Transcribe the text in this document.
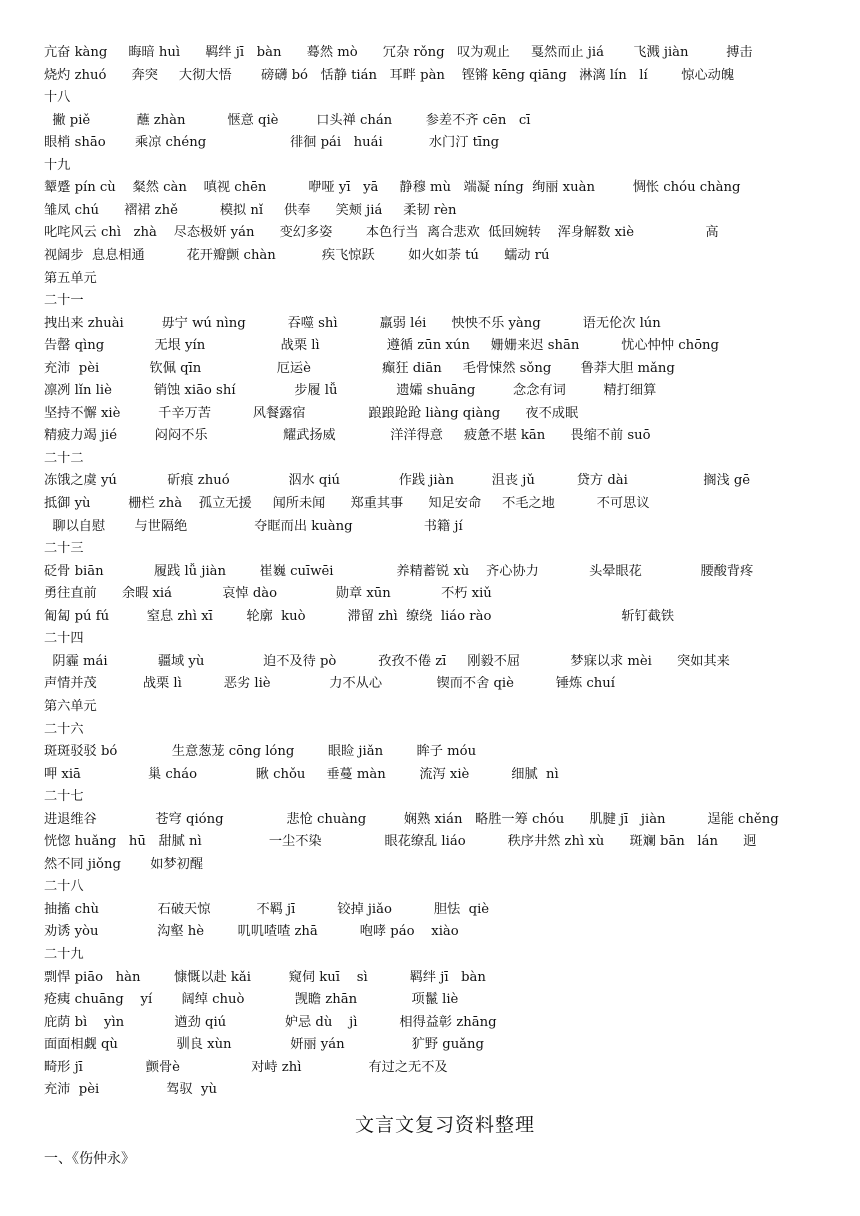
亢奋 kàng     晦暗 huì      羁绊 jī   bàn      蓦然 mò      冗杂 rǒng   叹为观止     戛然而止 jiá       飞溅 jiàn         搏击
烧灼 zhuó      奔突     大彻大悟       磅礴 bó   恬静 tián   耳畔 pàn    铿锵 kēng qiāng   淋漓 lín   lí        惊心动魄
十八
撇 piě           蘸 zhàn          惬意 qiè         口头禅 chán        参差不齐 cēn   cī
眼梢 shāo       乘凉 chéng                    徘徊 pái   huái           水门汀 tīng
十九
颦蹙 pín cù    粲然 càn    嗔视 chēn          咿哑 yī   yā     静穆 mù   端凝 níng  绚丽 xuàn         惆怅 chóu chàng
雏凤 chú      褶裙 zhě          模拟 nǐ     供奉      笑颊 jiá     柔韧 rèn
叱咤风云 chì   zhà    尽态极妍 yán      变幻多姿        本色行当  离合悲欢  低回婉转    浑身解数 xiè                 高
视阔步  息息相通          花开瓣颤 chàn           疾飞惊跃        如火如荼 tú      蠕动 rú
第五单元
二十一
拽出来 zhuài         毋宁 wú nìng          吞噬 shì          羸弱 léi      怏怏不乐 yàng          语无伦次 lún
告罄 qìng            无垠 yín                  战栗 lì                遵循 zūn xún     姗姗来迟 shān          忧心忡忡 chōng
充沛  pèi            钦佩 qīn                  厄运è                 癫狂 diān     毛骨悚然 sǒng       鲁莽大胆 mǎng
凛冽 lǐn liè          销蚀 xiāo shí              步履 lǚ              遗孀 shuāng         念念有词         精打细算
坚持不懈 xiè         千辛万苦          风餐露宿               踉踉跄跄 liàng qiàng      夜不成眠
精疲力竭 jié         闷闷不乐                  耀武扬威             洋洋得意     疲惫不堪 kān      畏缩不前 suō
二十二
冻饿之虞 yú            斫痕 zhuó              泅水 qiú              作践 jiàn         沮丧 jǔ          贷方 dài                  搁浅 gē
抵御 yù         栅栏 zhà    孤立无援     闻所未闻      郑重其事      知足安命     不毛之地          不可思议
聊以自慰       与世隔绝                夺眶而出 kuàng                 书籍 jí
二十三
砭骨 biān            履践 lǚ jiàn        崔巍 cuīwēi               养精蓄锐 xù    齐心协力            头晕眼花              腰酸背疼
勇往直前      余暇 xiá            哀悼 dào              勋章 xūn            不朽 xiǔ
匍匐 pú fú         窒息 zhì xī        轮廓  kuò          滞留 zhì  缭绕  liáo rào                               斩钉截铁
二十四
阴霾 mái            疆域 yù              迫不及待 pò          孜孜不倦 zī     刚毅不屈            梦寐以求 mèi      突如其来
声情并茂           战栗 lì          恶劣 liè              力不从心             锲而不舍 qiè          锤炼 chuí
第六单元
二十六
斑斑驳驳 bó             生意葱茏 cōng lóng        眼睑 jiǎn        眸子 móu
呷 xiā                巢 cháo              瞅 chǒu     垂蔓 màn        流泻 xiè          细腻  nì
二十七
进退维谷              苍穹 qióng               悲怆 chuàng         娴熟 xián   略胜一筹 chóu      肌腱 jī   jiàn          逞能 chěng
恍惚 huǎng   hū   甜腻 nì                一尘不染               眼花缭乱 liáo          秩序井然 zhì xù      斑斓 bān   lán      迥
然不同 jiǒng       如梦初醒
二十八
抽搐 chù              石破天惊           不羁 jī          铰掉 jiǎo          胆怯  qiè
劝诱 yòu              沟壑 hè        叽叽喳喳 zhā          咆哮 páo    xiào
二十九
剽悍 piāo   hàn        慷慨以赴 kǎi         窥伺 kuī    sì          羁绊 jī   bàn
疮痍 chuāng    yí       阔绰 chuò            觊瞻 zhān             项鬣 liè
庇荫 bì    yìn            遒劲 qiú              妒忌 dù    jì          相得益彰 zhāng
面面相觑 qù              驯良 xùn              妍丽 yán                犷野 guǎng
畸形 jī               颤骨è                 对峙 zhì                有过之无不及
充沛  pèi                驾驭  yù
文言文复习资料整理
一、《伤仲永》
